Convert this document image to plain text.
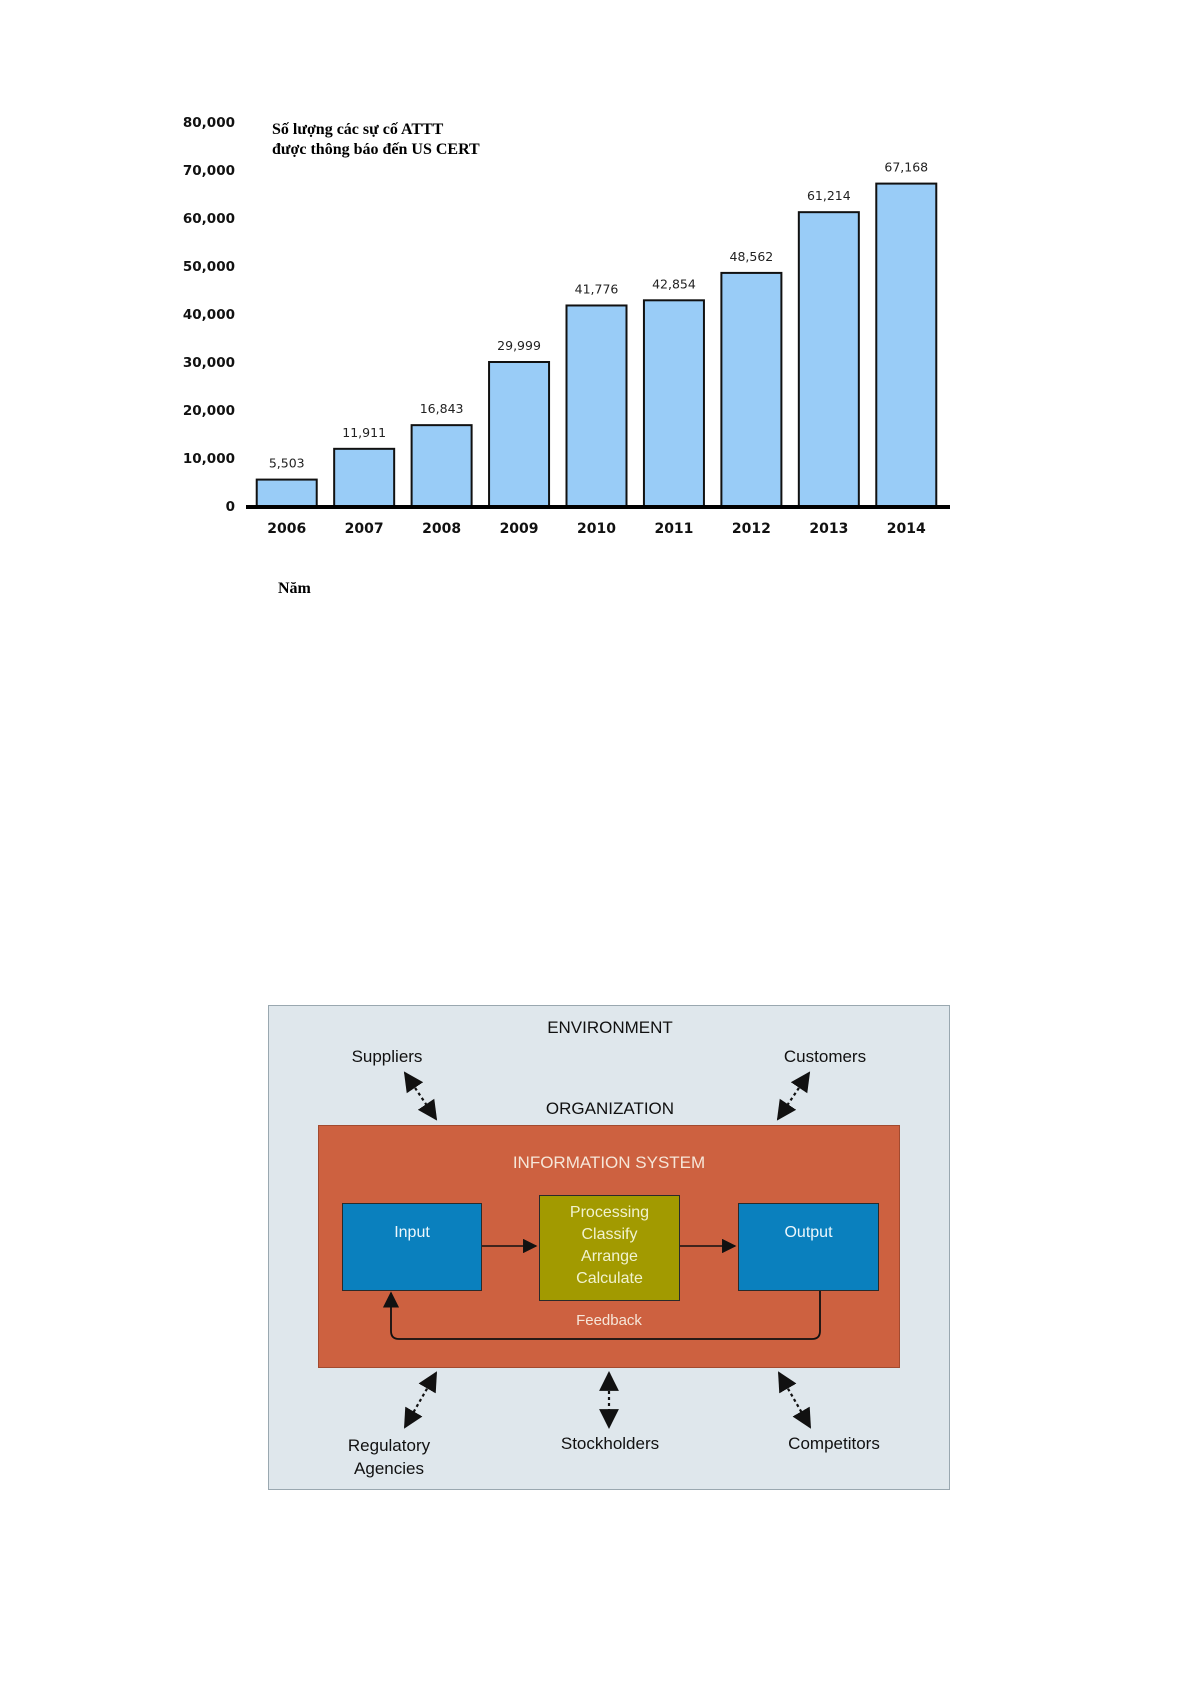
0
10,000
20,000
30,000
40,000
50,000
60,000
70,000
80,000
5,503
2006
11,911
2007
16,843
2008
29,999
2009
41,776
2010
42,854
2011
48,562
2012
61,214
2013
67,168
2014
Số lượng các sự cố ATTT
được thông báo đến US CERT
Năm
ENVIRONMENT
Suppliers	Customers
ORGANIZATION
INFORMATION SYSTEM
Input
Processing
Classify
Arrange
Calculate
Output
Feedback
Regulatory
Agencies
Stockholders	Competitors
